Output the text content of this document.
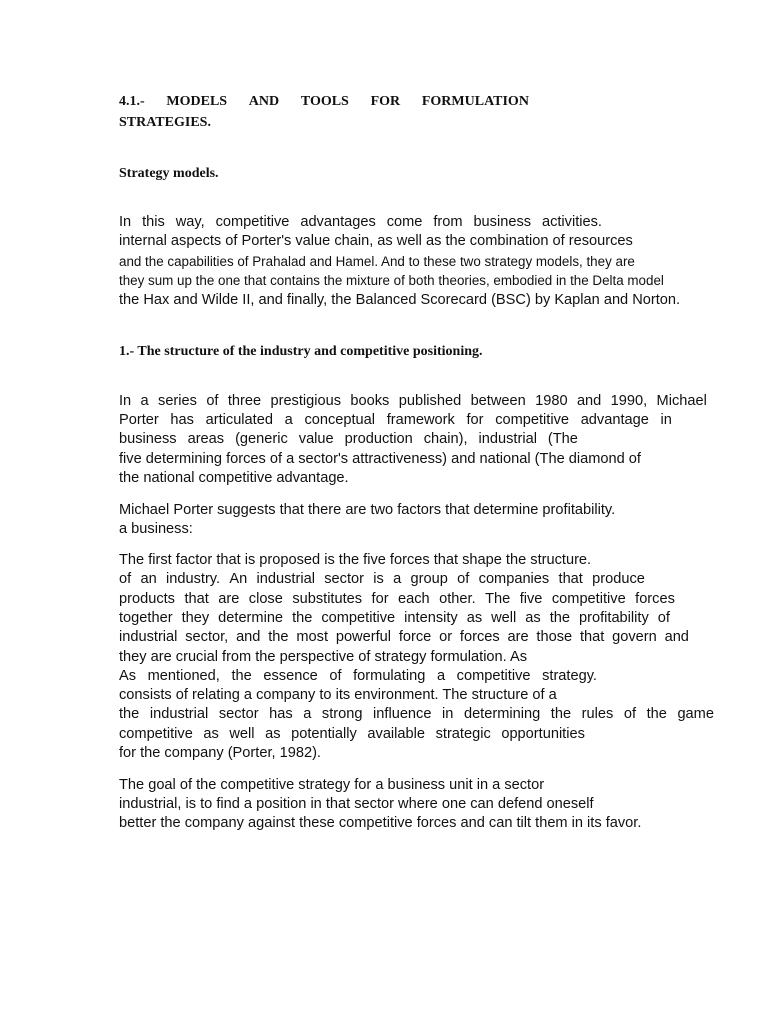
4.1.- MODELS AND TOOLS FOR FORMULATION
STRATEGIES.
Strategy models.
In this way, competitive advantages come from business activities.
internal aspects of Porter's value chain, as well as the combination of resources
and the capabilities of Prahalad and Hamel. And to these two strategy models, they are
they sum up the one that contains the mixture of both theories, embodied in the Delta model
the Hax and Wilde II, and finally, the Balanced Scorecard (BSC) by Kaplan and Norton.
1.- The structure of the industry and competitive positioning.
In a series of three prestigious books published between 1980 and 1990, Michael
Porter has articulated a conceptual framework for competitive advantage in
business areas (generic value production chain), industrial (The
five determining forces of a sector's attractiveness) and national (The diamond of
the national competitive advantage.
Michael Porter suggests that there are two factors that determine profitability.
a business:
The first factor that is proposed is the five forces that shape the structure.
of an industry. An industrial sector is a group of companies that produce
products that are close substitutes for each other. The five competitive forces
together they determine the competitive intensity as well as the profitability of
industrial sector, and the most powerful force or forces are those that govern and
they are crucial from the perspective of strategy formulation. As
As mentioned, the essence of formulating a competitive strategy.
consists of relating a company to its environment. The structure of a
the industrial sector has a strong influence in determining the rules of the game
competitive as well as potentially available strategic opportunities
for the company (Porter, 1982).
The goal of the competitive strategy for a business unit in a sector
industrial, is to find a position in that sector where one can defend oneself
better the company against these competitive forces and can tilt them in its favor.
